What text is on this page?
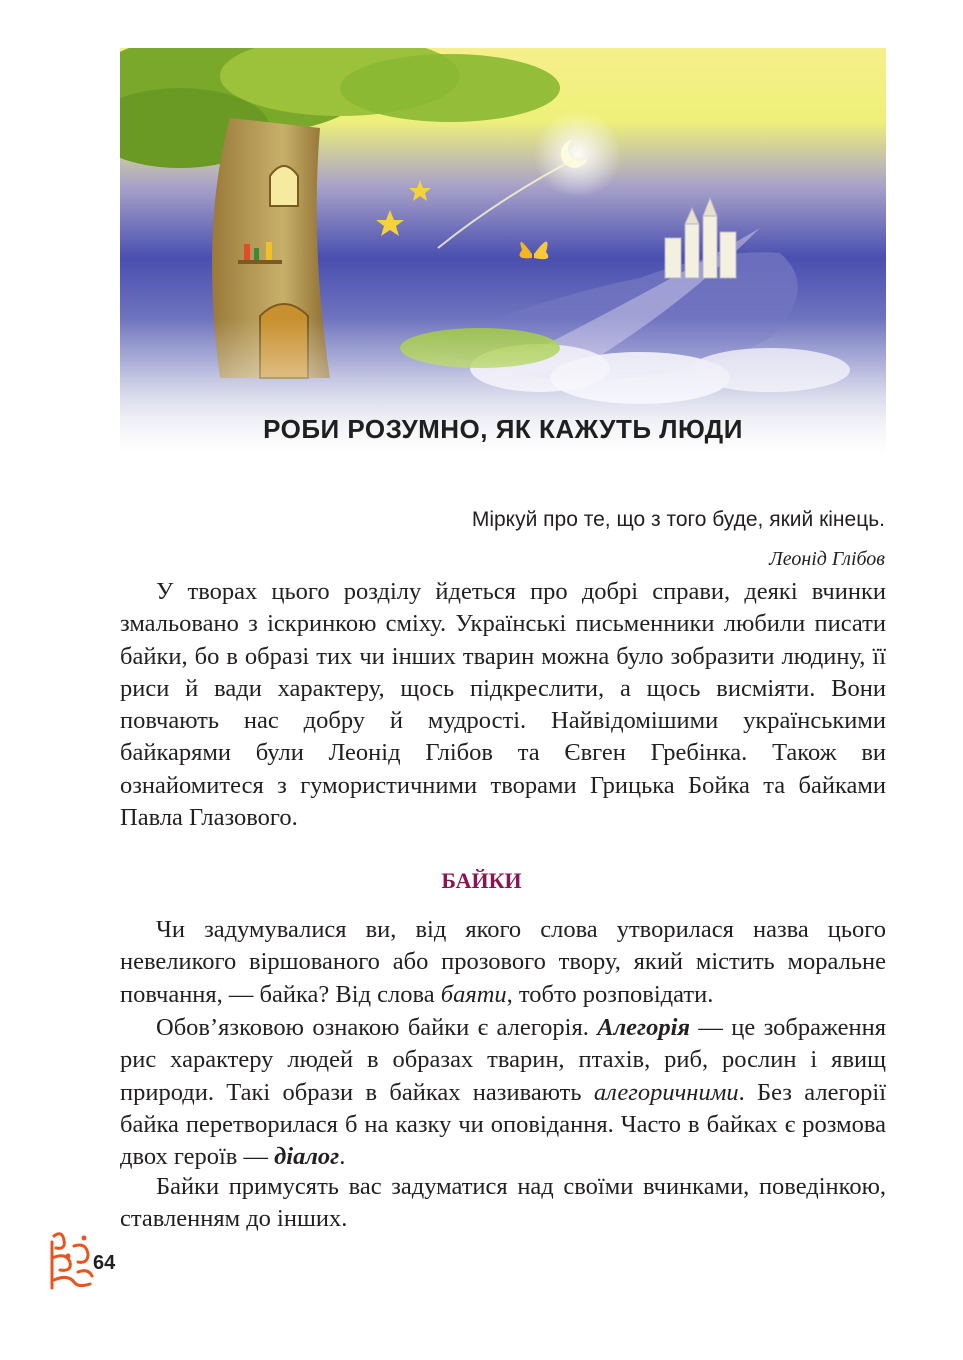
РОБИ РОЗУМНО, ЯК КАЖУТЬ ЛЮДИ

Міркуй про те, що з того буде, який кінець.

Леонід Глібов

У творах цього розділу йдеться про добрі справи, деякі вчинки змальовано з іскринкою сміху. Українські письменники любили писати байки, бо в образі тих чи інших тварин можна було зобразити людину, її риси й вади характеру, щось підкреслити, а щось висміяти. Вони повчають нас добру й мудрості. Найвідомішими українськими байкарями були Леонід Глібов та Євген Гребінка. Також ви ознайомитеся з гумористичними творами Грицька Бойка та байками Павла Глазового.

БАЙКИ

Чи задумувалися ви, від якого слова утворилася назва цього невеликого віршованого або прозового твору, який містить моральне повчання, — байка? Від слова баяти, тобто розповідати.

Обов’язковою ознакою байки є алегорія. Алегорія — це зображення рис характеру людей в образах тварин, птахів, риб, рослин і явищ природи. Такі образи в байках називають алегоричними. Без алегорії байка перетворилася б на казку чи оповідання. Часто в байках є розмова двох героїв — діалог.

Байки примусять вас задуматися над своїми вчинками, поведінкою, ставленням до інших.

64
